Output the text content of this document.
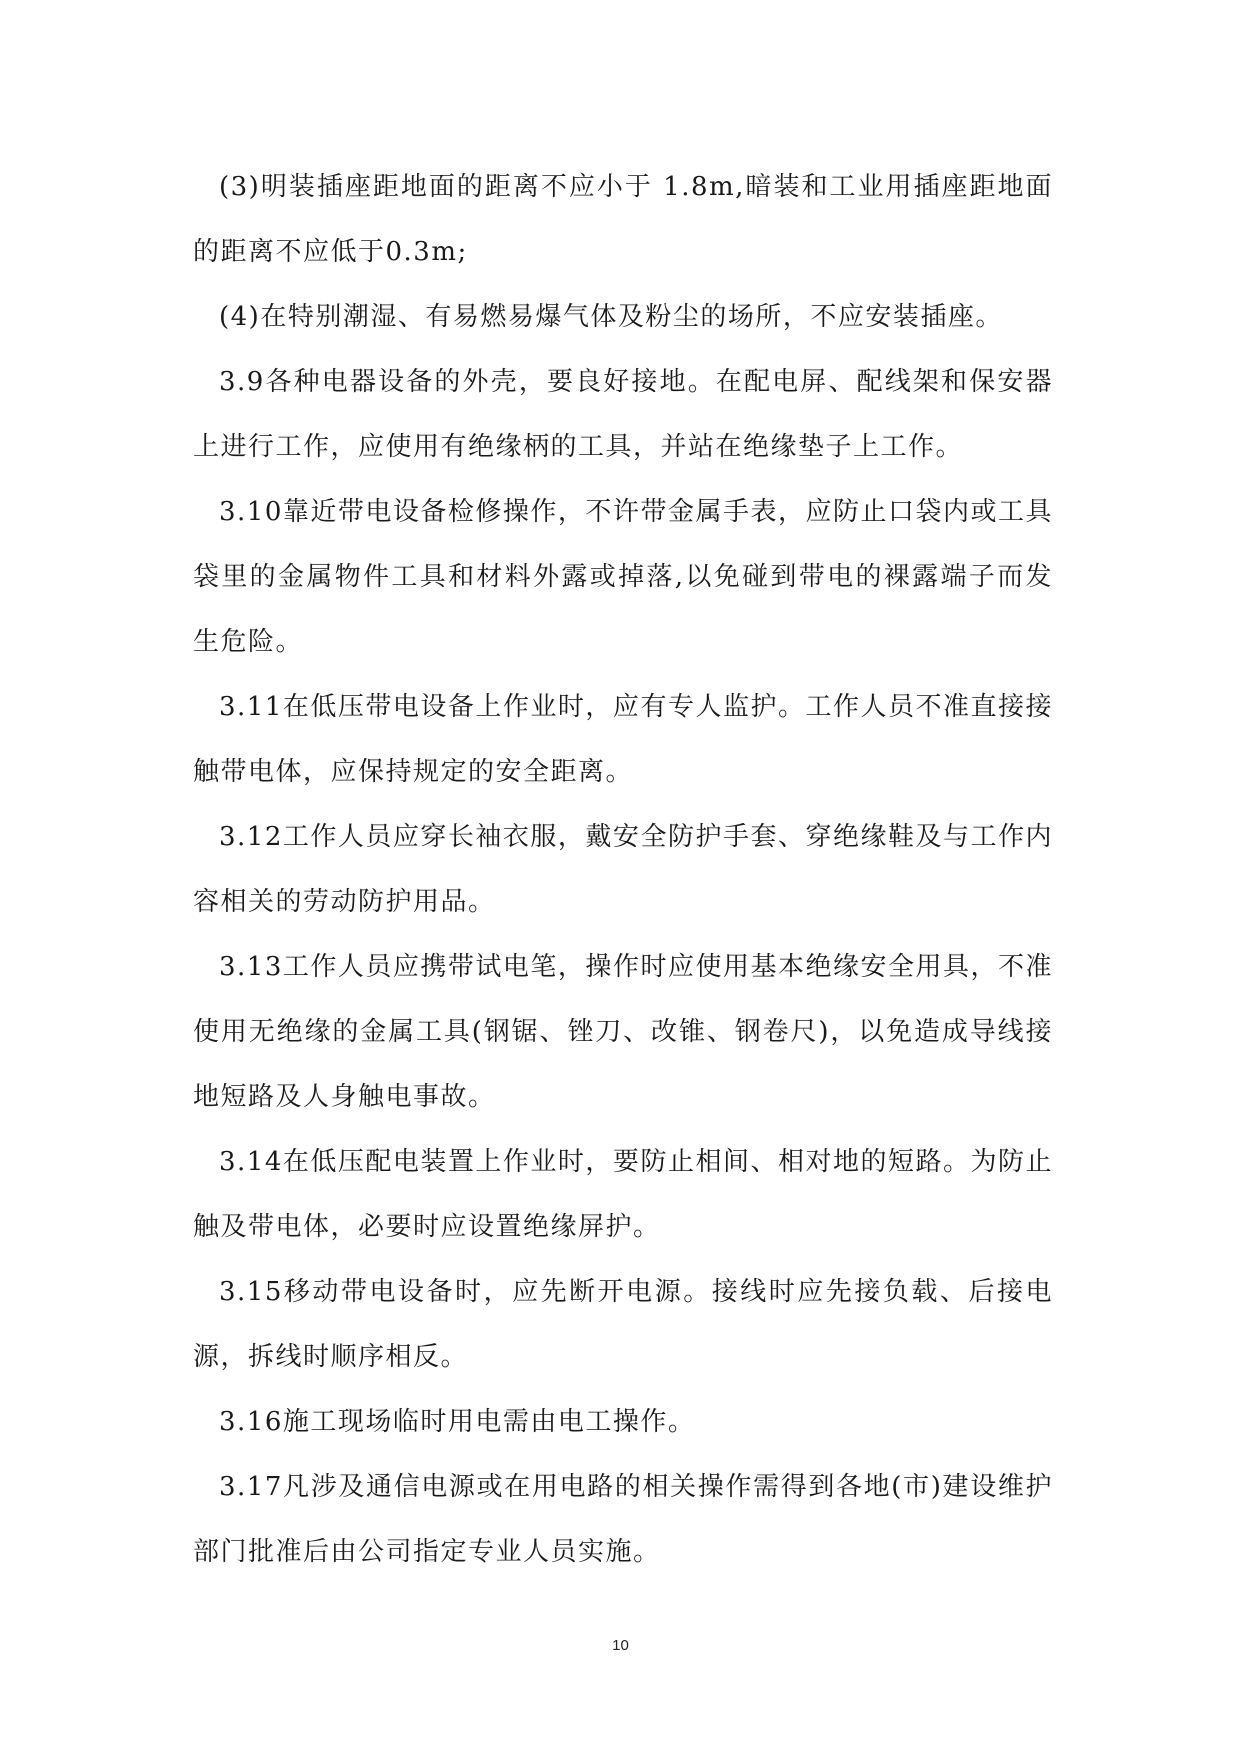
(3)明装插座距地面的距离不应小于 1.8m,暗装和工业用插座距地面的距离不应低于0.3m;

(4)在特别潮湿、有易燃易爆气体及粉尘的场所，不应安装插座。

3.9各种电器设备的外壳，要良好接地。在配电屏、配线架和保安器上进行工作，应使用有绝缘柄的工具，并站在绝缘垫子上工作。

3.10靠近带电设备检修操作，不许带金属手表，应防止口袋内或工具袋里的金属物件工具和材料外露或掉落,以免碰到带电的裸露端子而发生危险。

3.11在低压带电设备上作业时，应有专人监护。工作人员不准直接接触带电体，应保持规定的安全距离。

3.12工作人员应穿长袖衣服，戴安全防护手套、穿绝缘鞋及与工作内容相关的劳动防护用品。

3.13工作人员应携带试电笔，操作时应使用基本绝缘安全用具，不准使用无绝缘的金属工具(钢锯、锉刀、改锥、钢卷尺)，以免造成导线接地短路及人身触电事故。

3.14在低压配电装置上作业时，要防止相间、相对地的短路。为防止触及带电体，必要时应设置绝缘屏护。

3.15移动带电设备时，应先断开电源。接线时应先接负载、后接电源，拆线时顺序相反。

3.16施工现场临时用电需由电工操作。

3.17凡涉及通信电源或在用电路的相关操作需得到各地(市)建设维护部门批准后由公司指定专业人员实施。

10
